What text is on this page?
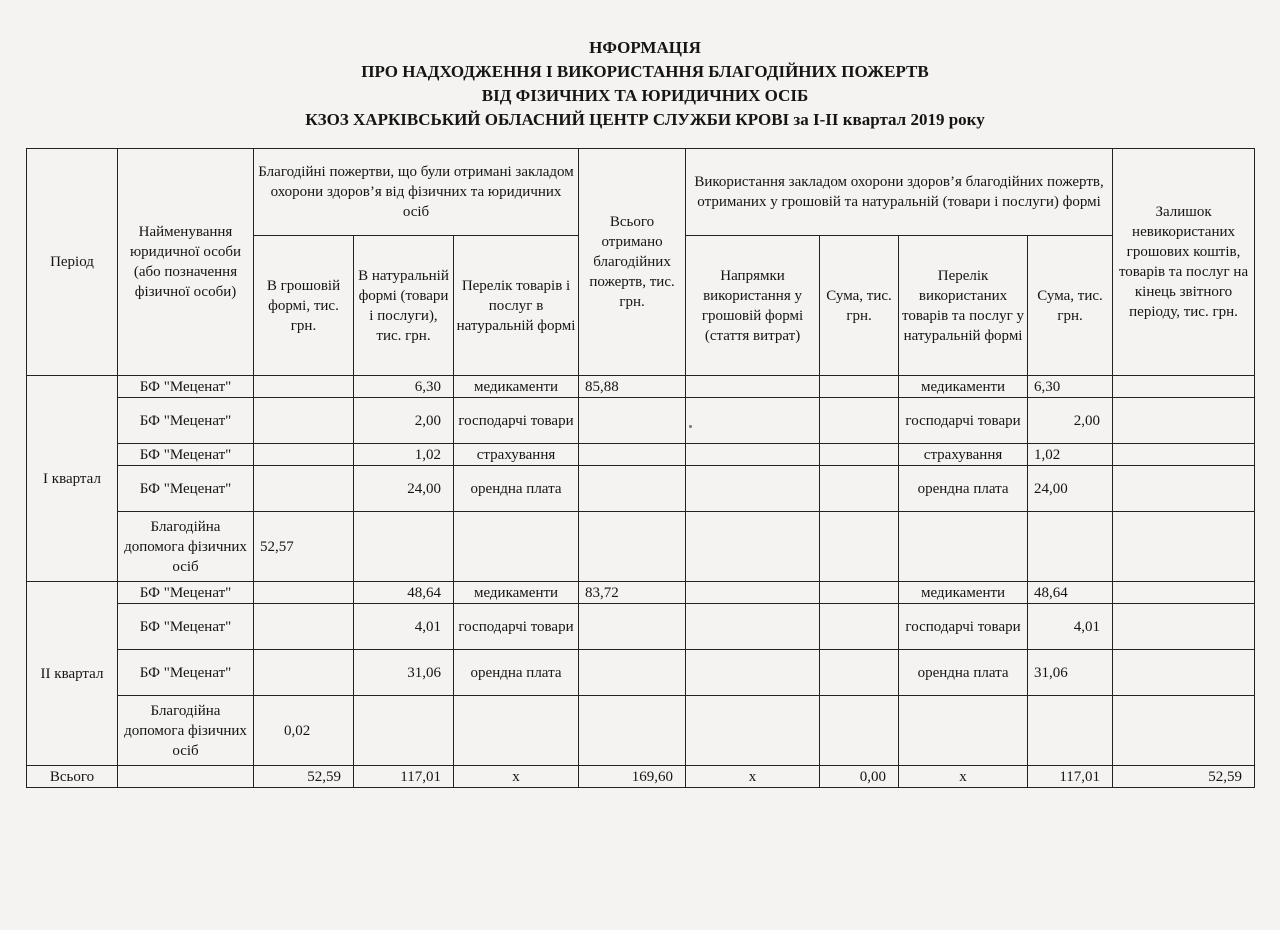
НФОРМАЦІЯ
ПРО НАДХОДЖЕННЯ І ВИКОРИСТАННЯ БЛАГОДІЙНИХ ПОЖЕРТВ
ВІД ФІЗИЧНИХ ТА ЮРИДИЧНИХ ОСІБ
КЗОЗ ХАРКІВСЬКИЙ ОБЛАСНИЙ ЦЕНТР СЛУЖБИ КРОВІ за І-ІІ квартал 2019 року
Період	Найменування юридичної особи (або позначення фізичної особи)	Благодійні пожертви, що були отримані закладом охорони здоров’я від фізичних та юридичних осіб			Всього отримано благодійних пожертв, тис. грн.	Використання закладом охорони здоров’я благодійних пожертв, отриманих у грошовій та натуральній (товари і послуги) формі				Залишок невикористаних грошових коштів, товарів та послуг на кінець звітного періоду, тис. грн.
		В грошовій формі, тис. грн.	В натуральній формі (товари і послуги), тис. грн.	Перелік товарів і послуг в натуральній формі		Напрямки використання у грошовій формі (стаття витрат)	Сума, тис. грн.	Перелік використаних товарів та послуг у натуральній формі	Сума, тис. грн.	
І квартал	БФ "Меценат"		6,30	медикаменти	85,88			медикаменти	6,30	
	БФ "Меценат"		2,00	господарчі товари				господарчі товари	2,00	
	БФ "Меценат"		1,02	страхування				страхування	1,02	
	БФ "Меценат"		24,00	орендна плата				орендна плата	24,00	
	Благодійна допомога фізичних осіб	52,57								
ІІ квартал	БФ "Меценат"		48,64	медикаменти	83,72			медикаменти	48,64	
	БФ "Меценат"		4,01	господарчі товари				господарчі товари	4,01	
	БФ "Меценат"		31,06	орендна плата				орендна плата	31,06	
	Благодійна допомога фізичних осіб	0,02								
Всього		52,59	117,01	x	169,60	x	0,00	x	117,01	52,59
